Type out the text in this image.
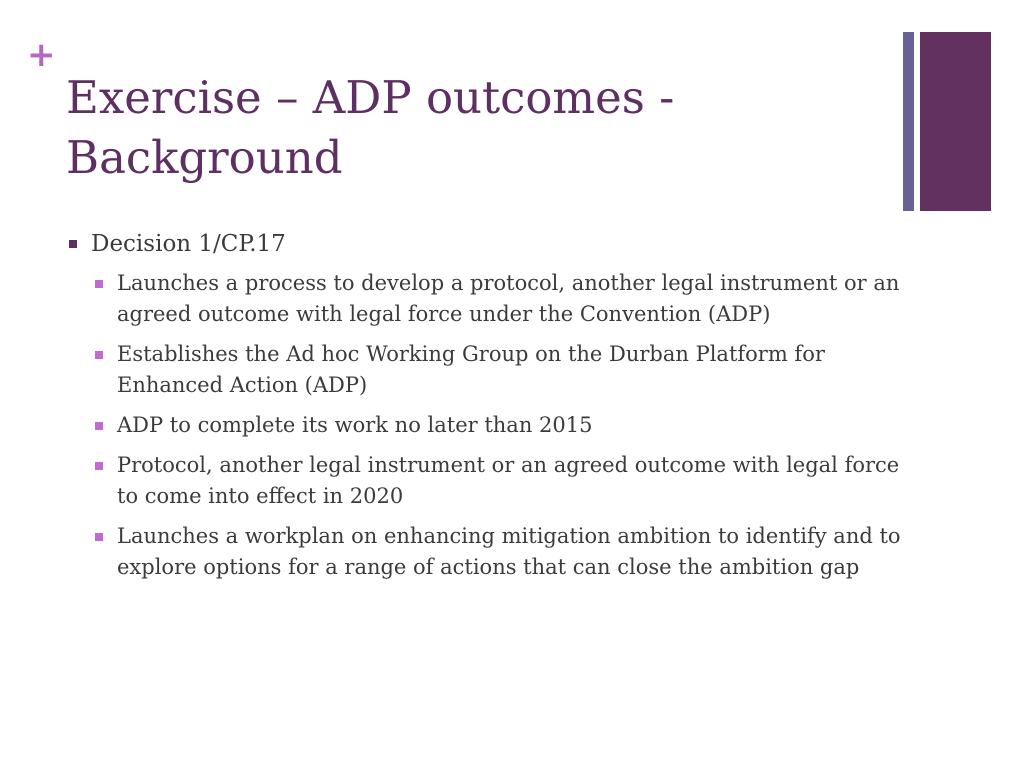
+
Exercise – ADP outcomes -
Background
Decision 1/CP.17
Launches a process to develop a protocol, another legal instrument or an agreed outcome with legal force under the Convention (ADP)
Establishes the Ad hoc Working Group on the Durban Platform for Enhanced Action (ADP)
ADP to complete its work no later than 2015
Protocol, another legal instrument or an agreed outcome with legal force to come into effect in 2020
Launches a workplan on enhancing mitigation ambition to identify and to explore options for a range of actions that can close the ambition gap
